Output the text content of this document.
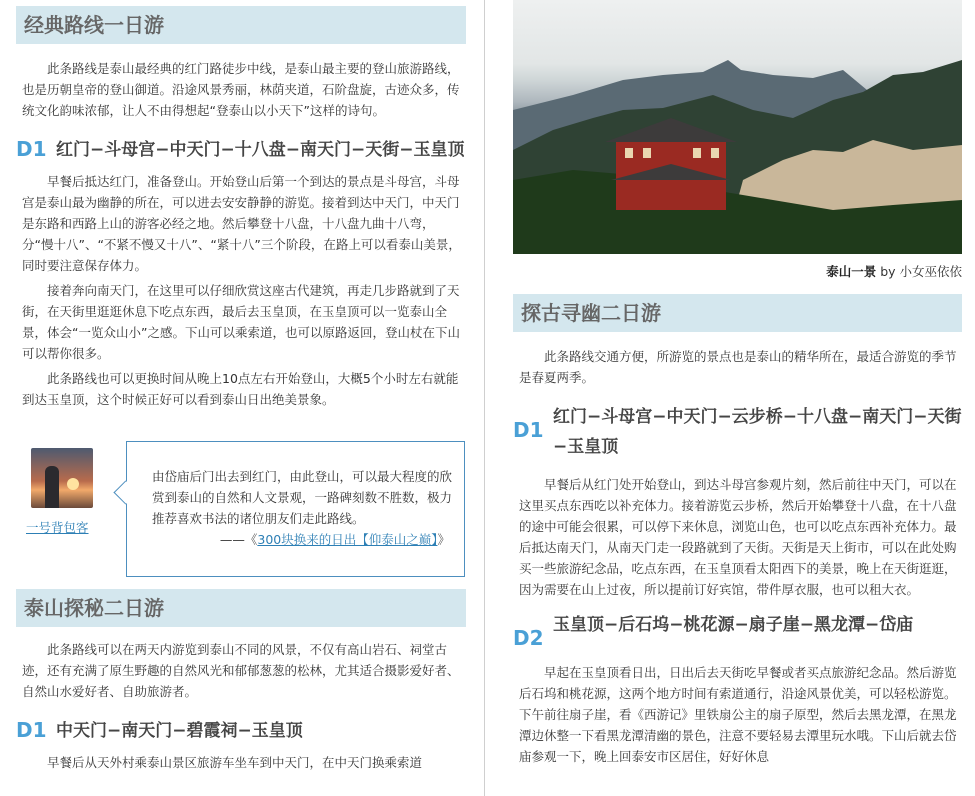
经典路线一日游

此条路线是泰山最经典的红门路徒步中线，是泰山最主要的登山旅游路线，也是历朝皇帝的登山御道。沿途风景秀丽，林荫夹道，石阶盘旋，古迹众多，传统文化韵味浓郁，让人不由得想起“登泰山以小天下”这样的诗句。

D1 红门−斗母宫−中天门−十八盘−南天门−天街−玉皇顶

早餐后抵达红门，准备登山。开始登山后第一个到达的景点是斗母宫，斗母宫是泰山最为幽静的所在，可以进去安安静静的游览。接着到达中天门，中天门是东路和西路上山的游客必经之地。然后攀登十八盘，十八盘九曲十八弯，分“慢十八”、“不紧不慢又十八”、“紧十八”三个阶段，在路上可以看泰山美景，同时要注意保存体力。

接着奔向南天门，在这里可以仔细欣赏这座古代建筑，再走几步路就到了天街，在天街里逛逛休息下吃点东西，最后去玉皇顶，在玉皇顶可以一览泰山全景，体会“一览众山小”之感。下山可以乘索道，也可以原路返回，登山杖在下山可以帮你很多。

此条路线也可以更换时间从晚上10点左右开始登山，大概5个小时左右就能到达玉皇顶，这个时候正好可以看到泰山日出绝美景象。

一号背包客

由岱庙后门出去到红门，由此登山，可以最大程度的欣赏到泰山的自然和人文景观，一路碑刻数不胜数，极力推荐喜欢书法的诸位朋友们走此路线。

——《300块换来的日出【仰泰山之巅】》
泰山探秘二日游

此条路线可以在两天内游览到泰山不同的风景，不仅有高山岩石、祠堂古迹，还有充满了原生野趣的自然风光和郁郁葱葱的松林，尤其适合摄影爱好者、自然山水爱好者、自助旅游者。

D1 中天门−南天门−碧霞祠−玉皇顶

早餐后从天外村乘泰山景区旅游车坐车到中天门，在中天门换乘索道

泰山一景 by 小女巫依依
探古寻幽二日游

此条路线交通方便，所游览的景点也是泰山的精华所在，最适合游览的季节是春夏两季。

D1
红门−斗母宫−中天门−云步桥−十八盘−南天门−天街−玉皇顶

早餐后从红门处开始登山，到达斗母宫参观片刻，然后前往中天门，可以在这里买点东西吃以补充体力。接着游览云步桥，然后开始攀登十八盘，在十八盘的途中可能会很累，可以停下来休息，浏览山色，也可以吃点东西补充体力。最后抵达南天门，从南天门走一段路就到了天街。天街是天上街市，可以在此处购买一些旅游纪念品，吃点东西，在玉皇顶看太阳西下的美景，晚上在天街逛逛，因为需要在山上过夜，所以提前订好宾馆，带件厚衣服，也可以租大衣。

D2
玉皇顶−后石坞−桃花源−扇子崖−黑龙潭−岱庙

早起在玉皇顶看日出，日出后去天街吃早餐或者买点旅游纪念品。然后游览后石坞和桃花源，这两个地方时间有索道通行，沿途风景优美，可以轻松游览。下午前往扇子崖，看《西游记》里铁扇公主的扇子原型，然后去黑龙潭，在黑龙潭边休整一下看黑龙潭清幽的景色，注意不要轻易去潭里玩水哦。下山后就去岱庙参观一下，晚上回泰安市区居住，好好休息
